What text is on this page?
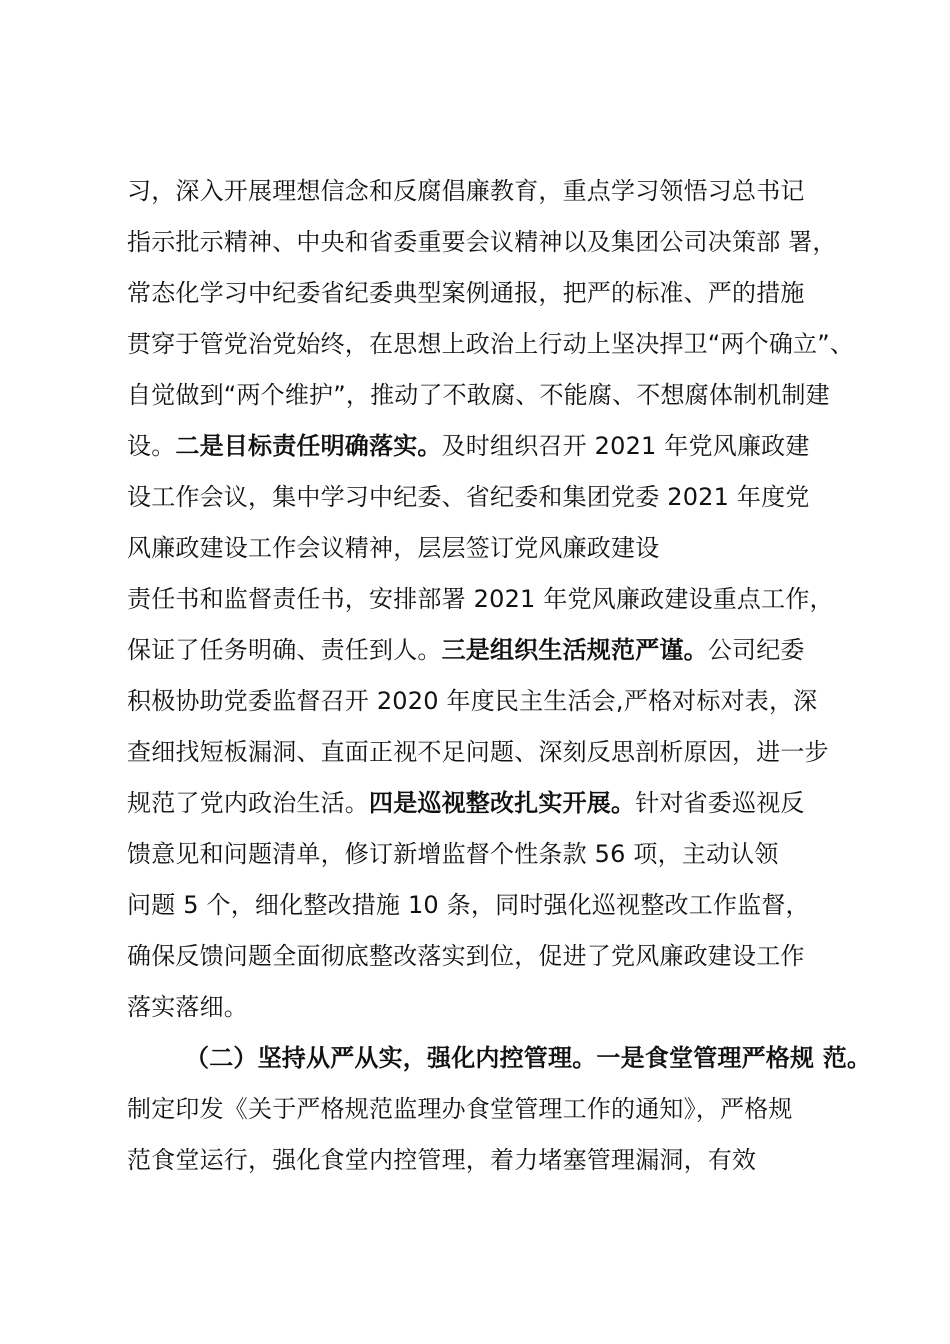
习，深入开展理想信念和反腐倡廉教育，重点学习领悟习总书记
指示批示精神、中央和省委重要会议精神以及集团公司决策部 署，
常态化学习中纪委省纪委典型案例通报，把严的标准、严的措施
贯穿于管党治党始终，在思想上政治上行动上坚决捍卫“两个确立”、
自觉做到“两个维护”，推动了不敢腐、不能腐、不想腐体制机制建
设。二是目标责任明确落实。及时组织召开 2021 年党风廉政建
设工作会议，集中学习中纪委、省纪委和集团党委 2021 年度党
风廉政建设工作会议精神，层层签订党风廉政建设
责任书和监督责任书，安排部署 2021 年党风廉政建设重点工作，
保证了任务明确、责任到人。三是组织生活规范严谨。公司纪委
积极协助党委监督召开 2020 年度民主生活会,严格对标对表，深
查细找短板漏洞、直面正视不足问题、深刻反思剖析原因，进一步
规范了党内政治生活。四是巡视整改扎实开展。针对省委巡视反
馈意见和问题清单，修订新增监督个性条款 56 项，主动认领
问题 5 个，细化整改措施 10 条，同时强化巡视整改工作监督，
确保反馈问题全面彻底整改落实到位，促进了党风廉政建设工作
落实落细。
（二）坚持从严从实，强化内控管理。一是食堂管理严格规 范。
制定印发《关于严格规范监理办食堂管理工作的通知》，严格规
范食堂运行，强化食堂内控管理，着力堵塞管理漏洞，有效
